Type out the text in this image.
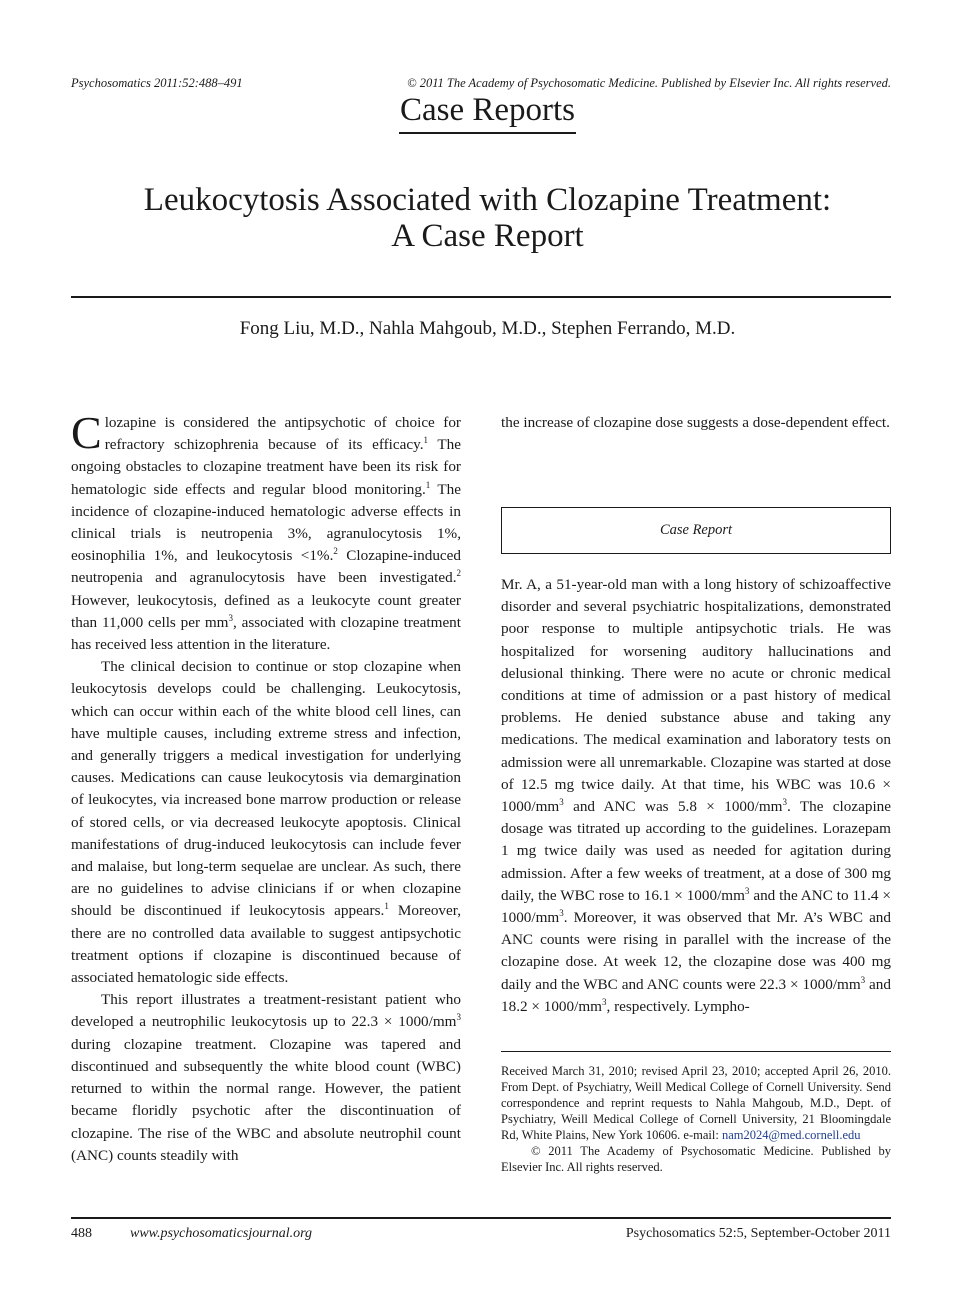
Psychosomatics 2011:52:488–491	© 2011 The Academy of Psychosomatic Medicine. Published by Elsevier Inc. All rights reserved.
Case Reports
Leukocytosis Associated with Clozapine Treatment:
A Case Report
Fong Liu, M.D., Nahla Mahgoub, M.D., Stephen Ferrando, M.D.

Clozapine is considered the antipsychotic of choice for refractory schizophrenia because of its efficacy.$^1$ The ongoing obstacles to clozapine treatment have been its risk for hematologic side effects and regular blood monitoring.$^1$ The incidence of clozapine-induced hematologic adverse effects in clinical trials is neutropenia 3%, agranulocytosis 1%, eosinophilia 1%, and leukocytosis <1%.$^2$ Clozapine-induced neutropenia and agranulocytosis have been investigated.$^2$ However, leukocytosis, defined as a leukocyte count greater than 11,000 cells per $mm^3$, associated with clozapine treatment has received less attention in the literature.

The clinical decision to continue or stop clozapine when leukocytosis develops could be challenging. Leukocytosis, which can occur within each of the white blood cell lines, can have multiple causes, including extreme stress and infection, and generally triggers a medical investigation for underlying causes. Medications can cause leukocytosis via demargination of leukocytes, via increased bone marrow production or release of stored cells, or via decreased leukocyte apoptosis. Clinical manifestations of drug-induced leukocytosis can include fever and malaise, but long-term sequelae are unclear. As such, there are no guidelines to advise clinicians if or when clozapine should be discontinued if leukocytosis appears.$^1$ Moreover, there are no controlled data available to suggest antipsychotic treatment options if clozapine is discontinued because of associated hematologic side effects.

This report illustrates a treatment-resistant patient who developed a neutrophilic leukocytosis up to $22.3 \times 1000/mm^3$ during clozapine treatment. Clozapine was tapered and discontinued and subsequently the white blood count (WBC) returned to within the normal range. However, the patient became floridly psychotic after the discontinuation of clozapine. The rise of the WBC and absolute neutrophil count (ANC) counts steadily with

the increase of clozapine dose suggests a dose-dependent effect.

Case Report

Mr. A, a 51-year-old man with a long history of schizoaffective disorder and several psychiatric hospitalizations, demonstrated poor response to multiple antipsychotic trials. He was hospitalized for worsening auditory hallucinations and delusional thinking. There were no acute or chronic medical conditions at time of admission or a past history of medical problems. He denied substance abuse and taking any medications. The medical examination and laboratory tests on admission were all unremarkable. Clozapine was started at dose of 12.5 mg twice daily. At that time, his WBC was $10.6 \times 1000/mm^3$ and ANC was $5.8 \times 1000/mm^3$. The clozapine dosage was titrated up according to the guidelines. Lorazepam 1 mg twice daily was used as needed for agitation during admission. After a few weeks of treatment, at a dose of 300 mg daily, the WBC rose to $16.1 \times 1000/mm^3$ and the ANC to $11.4 \times 1000/mm^3$. Moreover, it was observed that Mr. A’s WBC and ANC counts were rising in parallel with the increase of the clozapine dose. At week 12, the clozapine dose was 400 mg daily and the WBC and ANC counts were $22.3 \times 1000/mm^3$ and $18.2 \times 1000/mm^3$, respectively. Lympho-

Received March 31, 2010; revised April 23, 2010; accepted April 26, 2010. From Dept. of Psychiatry, Weill Medical College of Cornell University. Send correspondence and reprint requests to Nahla Mahgoub, M.D., Dept. of Psychiatry, Weill Medical College of Cornell University, 21 Bloomingdale Rd, White Plains, New York 10606. e-mail: nam2024@med.cornell.edu

© 2011 The Academy of Psychosomatic Medicine. Published by Elsevier Inc. All rights reserved.

488	www.psychosomaticsjournal.org	Psychosomatics 52:5, September-October 2011
